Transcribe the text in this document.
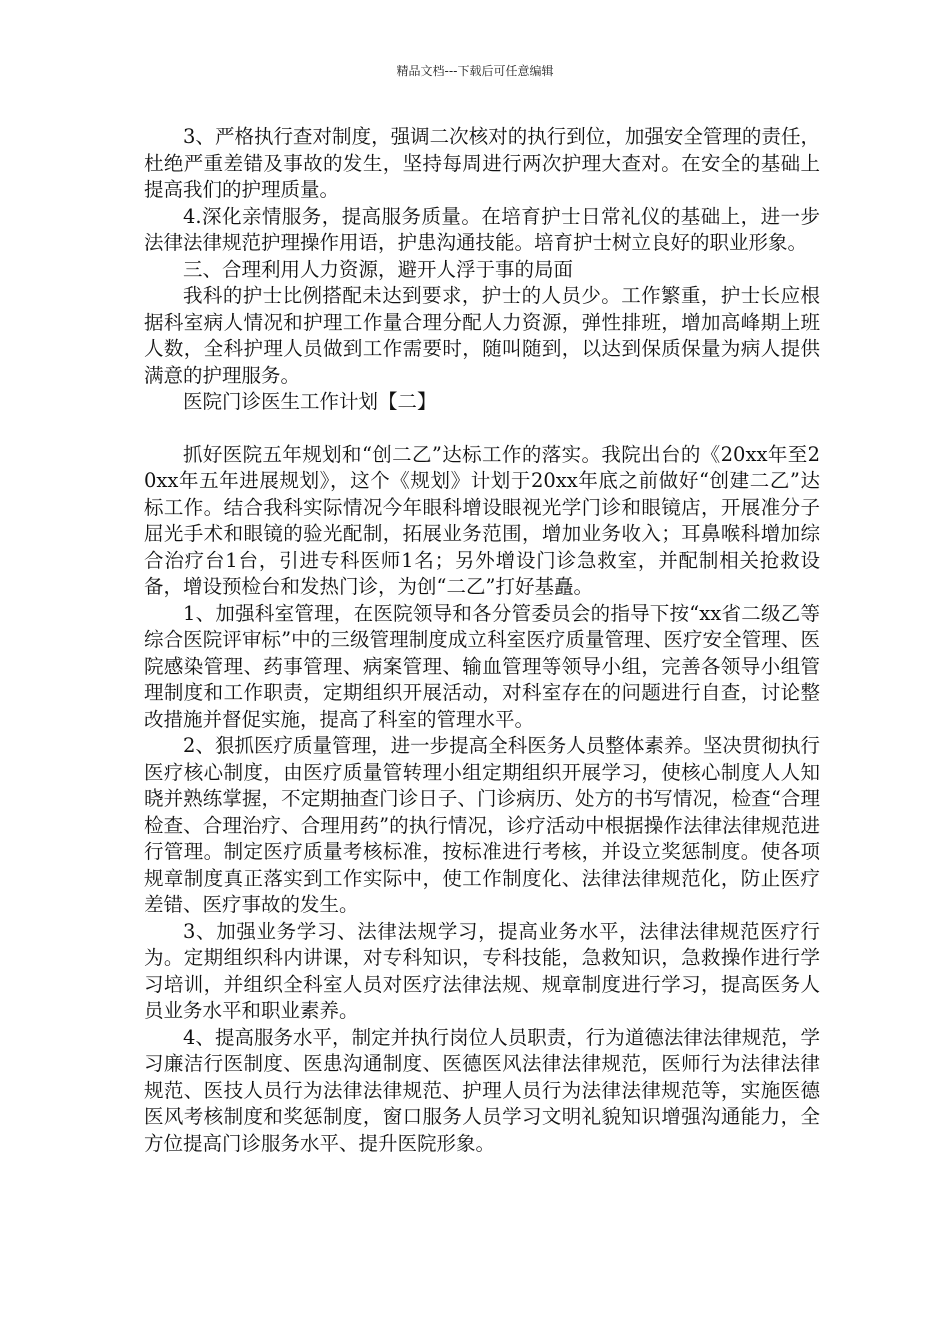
精品文档---下载后可任意编辑

3、严格执行查对制度，强调二次核对的执行到位，加强安全管理的责任，杜绝严重差错及事故的发生，坚持每周进行两次护理大查对。在安全的基础上提高我们的护理质量。

4.深化亲情服务，提高服务质量。在培育护士日常礼仪的基础上，进一步法律法律规范护理操作用语，护患沟通技能。培育护士树立良好的职业形象。

三、合理利用人力资源，避开人浮于事的局面

我科的护士比例搭配未达到要求，护士的人员少。工作繁重，护士长应根据科室病人情况和护理工作量合理分配人力资源，弹性排班，增加高峰期上班人数，全科护理人员做到工作需要时，随叫随到，以达到保质保量为病人提供满意的护理服务。

医院门诊医生工作计划【二】

抓好医院五年规划和“创二乙”达标工作的落实。我院出台的《20xx年至20xx年五年进展规划》，这个《规划》计划于20xx年底之前做好“创建二乙”达标工作。结合我科实际情况今年眼科增设眼视光学门诊和眼镜店，开展准分子屈光手术和眼镜的验光配制，拓展业务范围，增加业务收入；耳鼻喉科增加综合治疗台1台，引进专科医师1名；另外增设门诊急救室，并配制相关抢救设备，增设预检台和发热门诊，为创“二乙”打好基矗。

1、加强科室管理，在医院领导和各分管委员会的指导下按“xx省二级乙等综合医院评审标”中的三级管理制度成立科室医疗质量管理、医疗安全管理、医院感染管理、药事管理、病案管理、输血管理等领导小组，完善各领导小组管理制度和工作职责，定期组织开展活动，对科室存在的问题进行自查，讨论整改措施并督促实施，提高了科室的管理水平。

2、狠抓医疗质量管理，进一步提高全科医务人员整体素养。坚决贯彻执行医疗核心制度，由医疗质量管转理小组定期组织开展学习，使核心制度人人知晓并熟练掌握，不定期抽查门诊日子、门诊病历、处方的书写情况，检查“合理检查、合理治疗、合理用药”的执行情况，诊疗活动中根据操作法律法律规范进行管理。制定医疗质量考核标准，按标准进行考核，并设立奖惩制度。使各项规章制度真正落实到工作实际中，使工作制度化、法律法律规范化，防止医疗差错、医疗事故的发生。

3、加强业务学习、法律法规学习，提高业务水平，法律法律规范医疗行为。定期组织科内讲课，对专科知识，专科技能，急救知识，急救操作进行学习培训，并组织全科室人员对医疗法律法规、规章制度进行学习，提高医务人员业务水平和职业素养。

4、提高服务水平，制定并执行岗位人员职责，行为道德法律法律规范，学习廉洁行医制度、医患沟通制度、医德医风法律法律规范，医师行为法律法律规范、医技人员行为法律法律规范、护理人员行为法律法律规范等，实施医德医风考核制度和奖惩制度，窗口服务人员学习文明礼貌知识增强沟通能力，全方位提高门诊服务水平、提升医院形象。
